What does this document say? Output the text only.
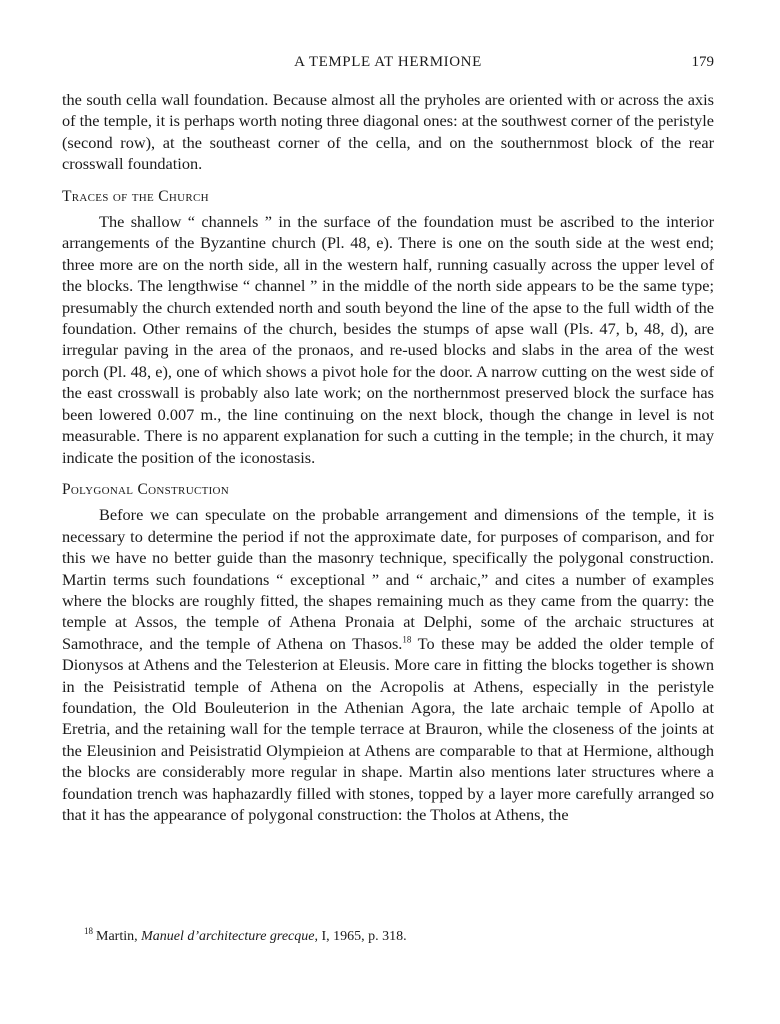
A TEMPLE AT HERMIONE	179

the south cella wall foundation. Because almost all the pryholes are oriented with or across the axis of the temple, it is perhaps worth noting three diagonal ones: at the southwest corner of the peristyle (second row), at the southeast corner of the cella, and on the southernmost block of the rear crosswall foundation.

Traces of the Church

The shallow “ channels ” in the surface of the foundation must be ascribed to the interior arrangements of the Byzantine church (Pl. 48, e). There is one on the south side at the west end; three more are on the north side, all in the western half, running casually across the upper level of the blocks. The lengthwise “ channel ” in the middle of the north side appears to be the same type; presumably the church extended north and south beyond the line of the apse to the full width of the foundation. Other remains of the church, besides the stumps of apse wall (Pls. 47, b, 48, d), are irregular paving in the area of the pronaos, and re-used blocks and slabs in the area of the west porch (Pl. 48, e), one of which shows a pivot hole for the door. A narrow cutting on the west side of the east crosswall is probably also late work; on the northernmost preserved block the surface has been lowered 0.007 m., the line continuing on the next block, though the change in level is not measurable. There is no apparent explanation for such a cutting in the temple; in the church, it may indicate the position of the iconostasis.

Polygonal Construction

Before we can speculate on the probable arrangement and dimensions of the temple, it is necessary to determine the period if not the approximate date, for purposes of comparison, and for this we have no better guide than the masonry technique, specifically the polygonal construction. Martin terms such foundations “ exceptional ” and “ archaic,” and cites a number of examples where the blocks are roughly fitted, the shapes remaining much as they came from the quarry: the temple at Assos, the temple of Athena Pronaia at Delphi, some of the archaic structures at Samothrace, and the temple of Athena on Thasos.$^{18}$ To these may be added the older temple of Dionysos at Athens and the Telesterion at Eleusis. More care in fitting the blocks together is shown in the Peisistratid temple of Athena on the Acropolis at Athens, especially in the peristyle foundation, the Old Bouleuterion in the Athenian Agora, the late archaic temple of Apollo at Eretria, and the retaining wall for the temple terrace at Brauron, while the closeness of the joints at the Eleusinion and Peisistratid Olympieion at Athens are comparable to that at Hermione, although the blocks are considerably more regular in shape. Martin also mentions later structures where a foundation trench was haphazardly filled with stones, topped by a layer more carefully arranged so that it has the appearance of polygonal construction: the Tholos at Athens, the

$^{18}$ Martin, Manuel d’architecture grecque, I, 1965, p. 318.
